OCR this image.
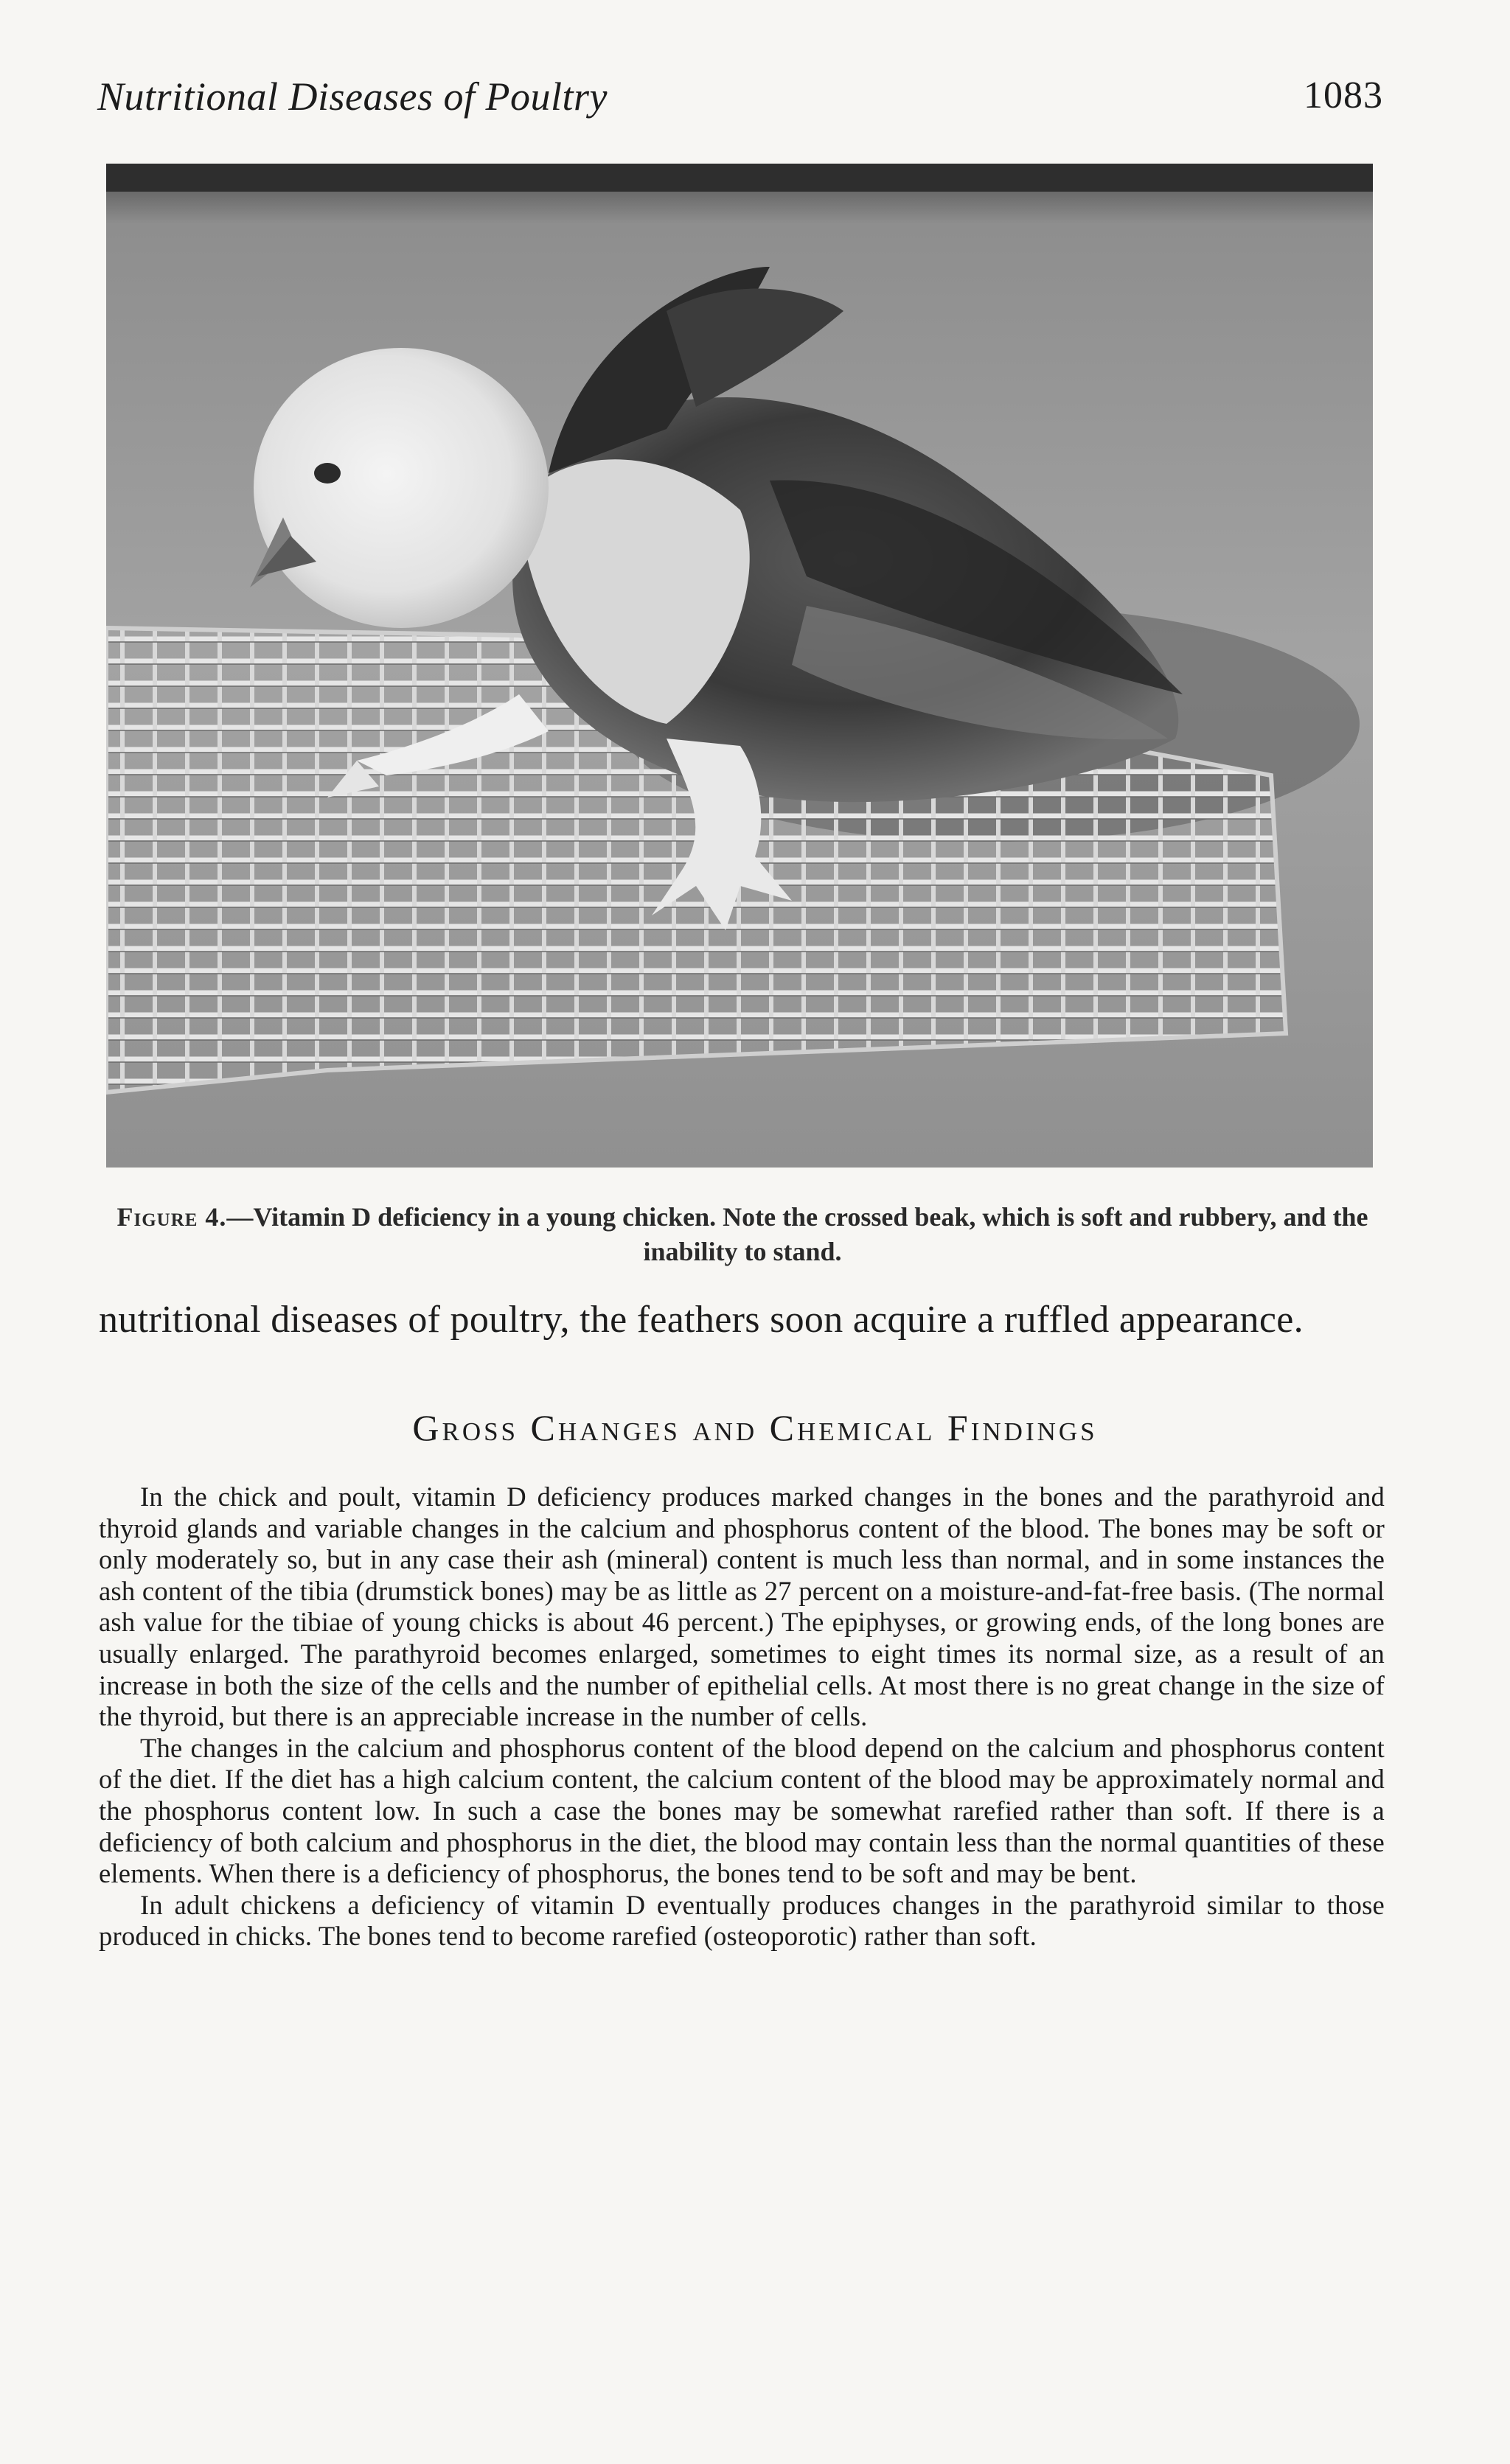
Nutritional Diseases of Poultry	1083
Figure 4.—Vitamin D deficiency in a young chicken. Note the crossed beak, which is soft and rubbery, and the inability to stand.
nutritional diseases of poultry, the feathers soon acquire a ruffled appearance.
Gross Changes and Chemical Findings

In the chick and poult, vitamin D deficiency produces marked changes in the bones and the parathyroid and thyroid glands and variable changes in the calcium and phosphorus content of the blood. The bones may be soft or only moderately so, but in any case their ash (mineral) content is much less than normal, and in some instances the ash content of the tibia (drumstick bones) may be as little as 27 percent on a moisture-and-fat-free basis. (The normal ash value for the tibiae of young chicks is about 46 percent.) The epiphyses, or growing ends, of the long bones are usually enlarged. The parathyroid becomes enlarged, sometimes to eight times its normal size, as a result of an increase in both the size of the cells and the number of epithelial cells. At most there is no great change in the size of the thyroid, but there is an appreciable increase in the number of cells.

The changes in the calcium and phosphorus content of the blood depend on the calcium and phosphorus content of the diet. If the diet has a high calcium content, the calcium content of the blood may be approximately normal and the phosphorus content low. In such a case the bones may be somewhat rarefied rather than soft. If there is a deficiency of both calcium and phosphorus in the diet, the blood may contain less than the normal quantities of these elements. When there is a deficiency of phosphorus, the bones tend to be soft and may be bent.

In adult chickens a deficiency of vitamin D eventually produces changes in the parathyroid similar to those produced in chicks. The bones tend to become rarefied (osteoporotic) rather than soft.
